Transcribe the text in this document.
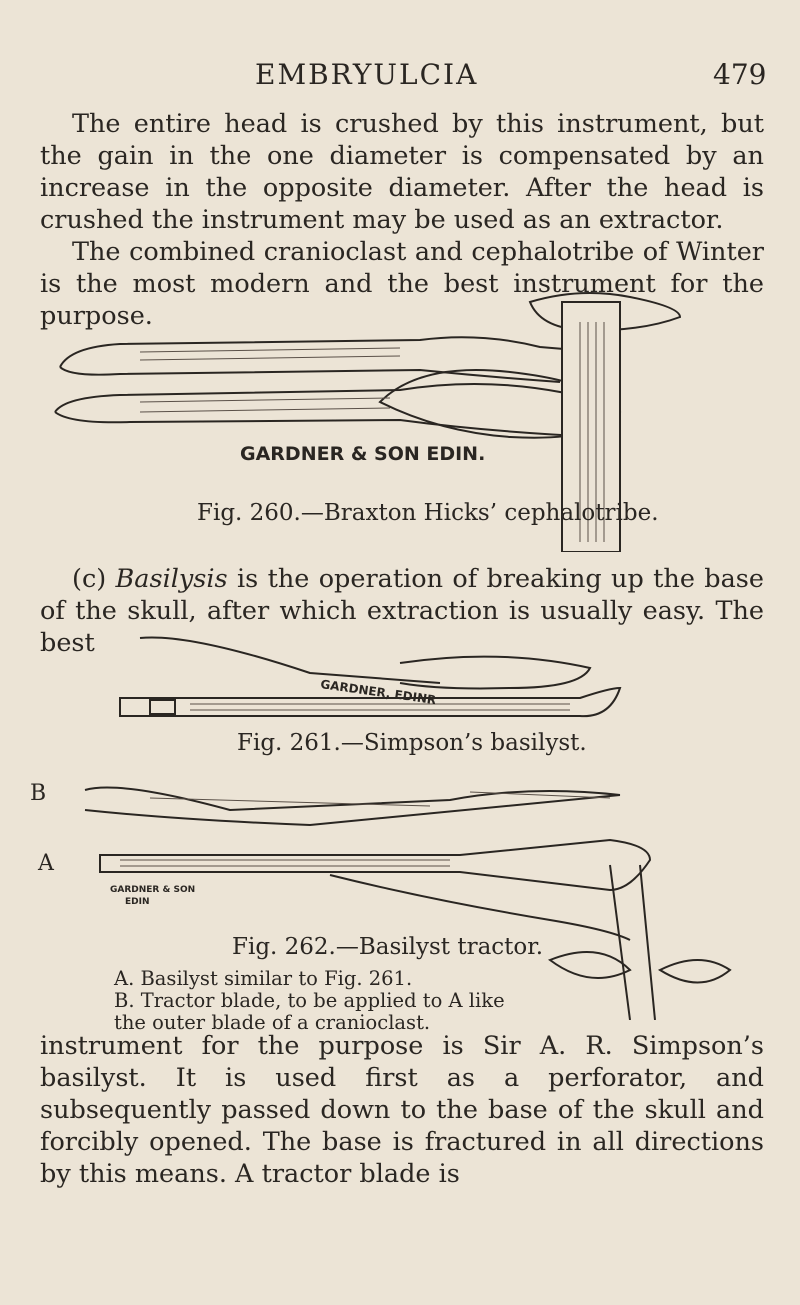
EMBRYULCIA	479

The entire head is crushed by this instrument, but the gain in the one diameter is compensated by an increase in the opposite diameter. After the head is crushed the instrument may be used as an extractor.

The combined cranioclast and cephalotribe of Winter is the most modern and the best instrument for the purpose.

GARDNER & SON EDIN.
Fig. 260.—Braxton Hicks’ cephalotribe.

(c) Basilysis is the operation of breaking up the base of the skull, after which extraction is usually easy. The best

GARDNER, EDINR
Fig. 261.—Simpson’s basilyst.
B
A
GARDNER & SON
EDIN
Fig. 262.—Basilyst tractor.
A. Basilyst similar to Fig. 261.
B. Tractor blade, to be applied to A like the outer blade of a cranioclast.

instrument for the purpose is Sir A. R. Simpson’s basilyst. It is used first as a perforator, and subsequently passed down to the base of the skull and forcibly opened. The base is fractured in all directions by this means. A tractor blade is
